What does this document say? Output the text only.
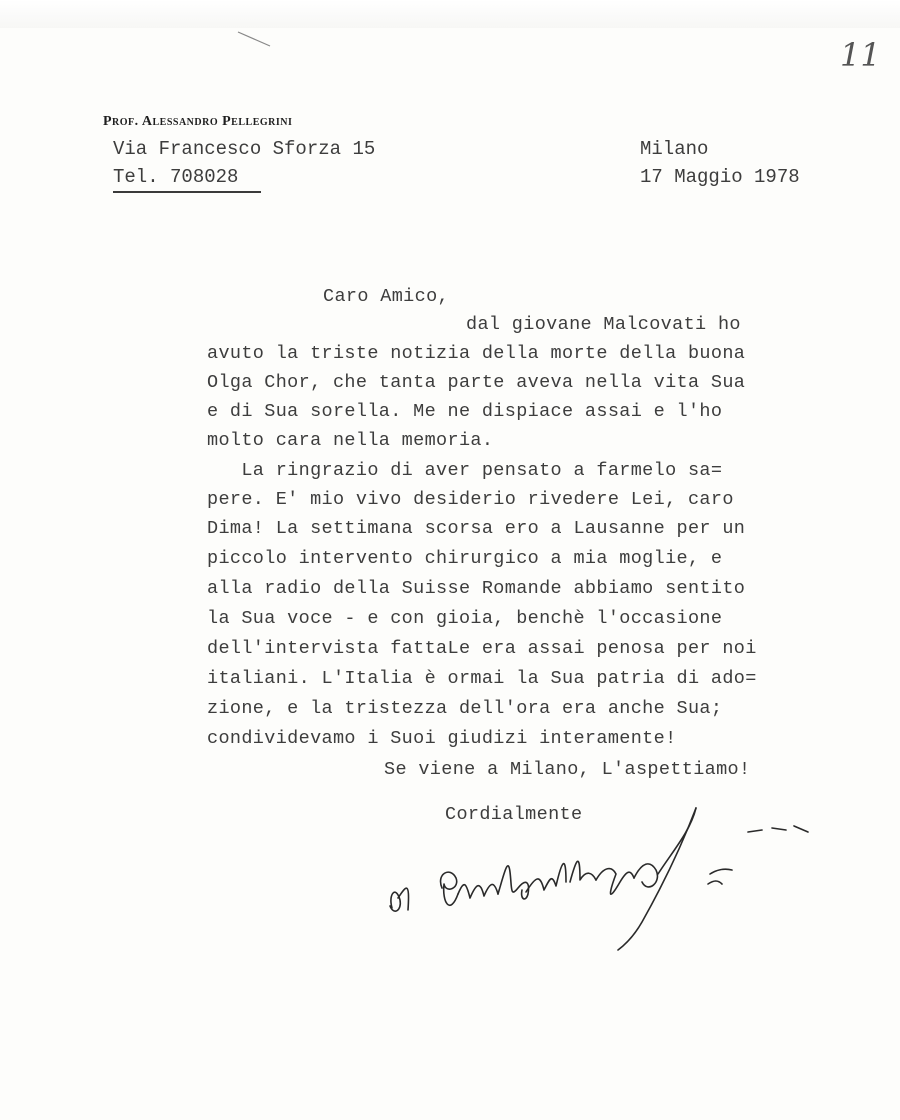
11
Prof. Alessandro Pellegrini
Via Francesco Sforza 15
Tel. 708028
Milano
17 Maggio 1978
Caro Amico,
dal giovane Malcovati ho
avuto la triste notizia della morte della buona
Olga Chor, che tanta parte aveva nella vita Sua
e di Sua sorella. Me ne dispiace assai e l'ho
molto cara nella memoria.
La ringrazio di aver pensato a farmelo sa=
pere. E' mio vivo desiderio rivedere Lei, caro
Dima! La settimana scorsa ero a Lausanne per un
piccolo intervento chirurgico a mia moglie, e
alla radio della Suisse Romande abbiamo sentito
la Sua voce - e con gioia, benchè l'occasione
dell'intervista fattaLe era assai penosa per noi
italiani. L'Italia è ormai la Sua patria di ado=
zione, e la tristezza dell'ora era anche Sua;
condividevamo i Suoi giudizi interamente!
Se viene a Milano, L'aspettiamo!
Cordialmente
